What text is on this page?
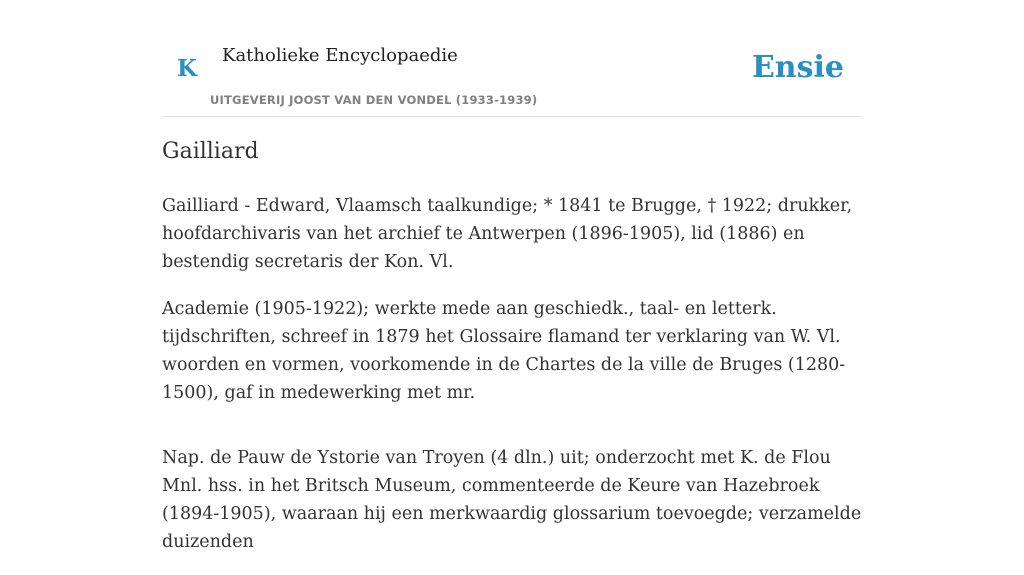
K Katholieke Encyclopaedie
UITGEVERIJ JOOST VAN DEN VONDEL (1933-1939)
Ensie
Gailliard

Gailliard - Edward, Vlaamsch taalkundige; * 1841 te Brugge, † 1922; drukker, hoofdarchivaris van het archief te Antwerpen (1896-1905), lid (1886) en bestendig secretaris der Kon. Vl.

Academie (1905-1922); werkte mede aan geschiedk., taal- en letterk. tijdschriften, schreef in 1879 het Glossaire flamand ter verklaring van W. Vl. woorden en vormen, voorkomende in de Chartes de la ville de Bruges (1280-1500), gaf in medewerking met mr.

Nap. de Pauw de Ystorie van Troyen (4 dln.) uit; onderzocht met K. de Flou Mnl. hss. in het Britsch Museum, commenteerde de Keure van Hazebroek (1894-1905), waaraan hij een merkwaardig glossarium toevoegde; verzamelde duizenden
